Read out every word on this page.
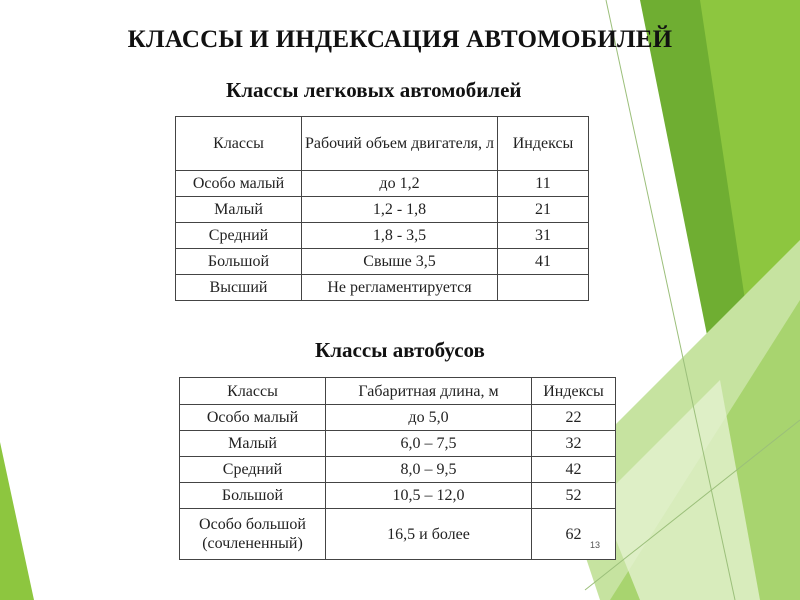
КЛАССЫ И ИНДЕКСАЦИЯ АВТОМОБИЛЕЙ
Классы легковых автомобилей
Классы	Рабочий объем двигателя, л	Индексы
Особо малый	до 1,2	11
Малый	1,2 - 1,8	21
Средний	1,8 - 3,5	31
Большой	Свыше 3,5	41
Высший	Не регламентируется	
Классы автобусов
Классы	Габаритная длина, м	Индексы
Особо малый	до 5,0	22
Малый	6,0 – 7,5	32
Средний	8,0 – 9,5	42
Большой	10,5 – 12,0	52
Особо большой (сочлененный)	16,5 и более	62
13
